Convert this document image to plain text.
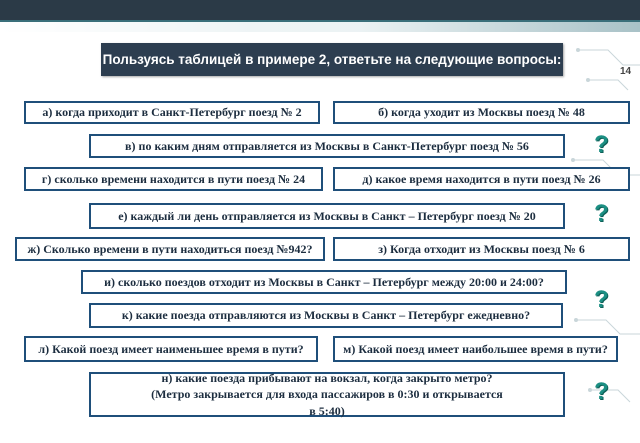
Пользуясь таблицей в примере 2, ответьте на следующие вопросы:
14
а) когда приходит в Санкт-Петербург поезд № 2	б) когда уходит из Москвы поезд № 48
в) по каким дням отправляется из Москвы в Санкт-Петербург поезд № 56	?
г) сколько времени находится в пути поезд № 24	д) какое время находится в пути поезд № 26
е) каждый ли день отправляется из Москвы в Санкт – Петербург поезд № 20	?
ж) Сколько времени в пути находиться поезд №942?	з) Когда отходит из Москвы поезд № 6
и) сколько поездов отходит из Москвы в Санкт – Петербург между 20:00 и 24:00?
?
к) какие поезда отправляются из Москвы в Санкт – Петербург ежедневно?
л) Какой поезд имеет наименьшее время в пути?	м) Какой поезд имеет наибольшее время в пути?
н) какие поезда прибывают на вокзал, когда закрыто метро? (Метро закрывается для входа пассажиров в 0:30 и открывается в 5:40)
?
